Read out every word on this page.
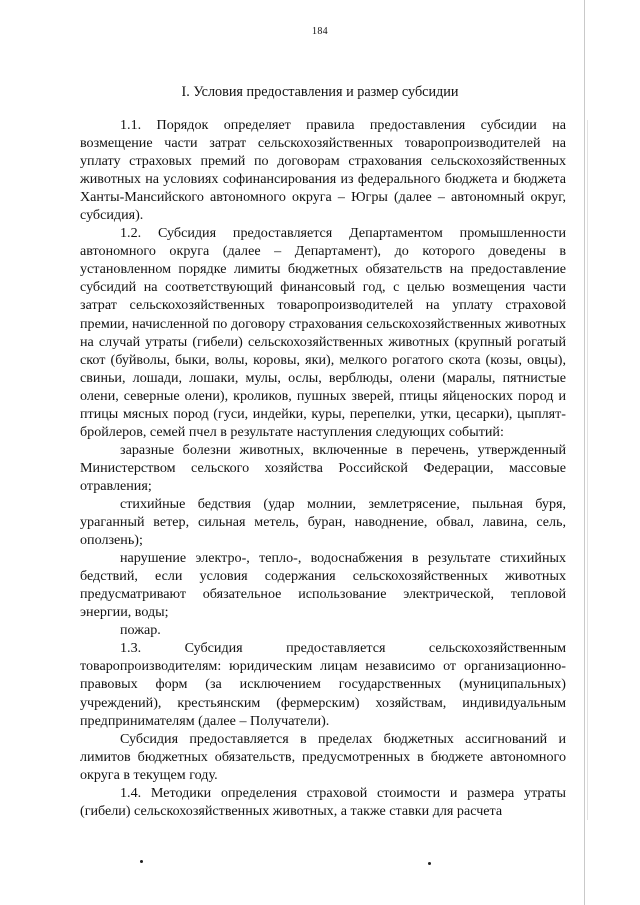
184
I. Условия предоставления и размер субсидии

1.1. Порядок определяет правила предоставления субсидии на возмещение части затрат сельскохозяйственных товаропроизводителей на уплату страховых премий по договорам страхования сельскохозяйственных животных на условиях софинансирования из федерального бюджета и бюджета Ханты-Мансийского автономного округа – Югры (далее – автономный округ, субсидия).

1.2. Субсидия предоставляется Департаментом промышленности автономного округа (далее – Департамент), до которого доведены в установленном порядке лимиты бюджетных обязательств на предоставление субсидий на соответствующий финансовый год, с целью возмещения части затрат сельскохозяйственных товаропроизводителей на уплату страховой премии, начисленной по договору страхования сельскохозяйственных животных на случай утраты (гибели) сельскохозяйственных животных (крупный рогатый скот (буйволы, быки, волы, коровы, яки), мелкого рогатого скота (козы, овцы), свиньи, лошади, лошаки, мулы, ослы, верблюды, олени (маралы, пятнистые олени, северные олени), кроликов, пушных зверей, птицы яйценоских пород и птицы мясных пород (гуси, индейки, куры, перепелки, утки, цесарки), цыплят-бройлеров, семей пчел в результате наступления следующих событий:

заразные болезни животных, включенные в перечень, утвержденный Министерством сельского хозяйства Российской Федерации, массовые отравления;

стихийные бедствия (удар молнии, землетрясение, пыльная буря, ураганный ветер, сильная метель, буран, наводнение, обвал, лавина, сель, оползень);

нарушение электро-, тепло-, водоснабжения в результате стихийных бедствий, если условия содержания сельскохозяйственных животных предусматривают обязательное использование электрической, тепловой энергии, воды;

пожар.

1.3. Субсидия предоставляется сельскохозяйственным товаропроизводителям: юридическим лицам независимо от организационно-правовых форм (за исключением государственных (муниципальных) учреждений), крестьянским (фермерским) хозяйствам, индивидуальным предпринимателям (далее – Получатели).

Субсидия предоставляется в пределах бюджетных ассигнований и лимитов бюджетных обязательств, предусмотренных в бюджете автономного округа в текущем году.

1.4. Методики определения страховой стоимости и размера утраты (гибели) сельскохозяйственных животных, а также ставки для расчета
